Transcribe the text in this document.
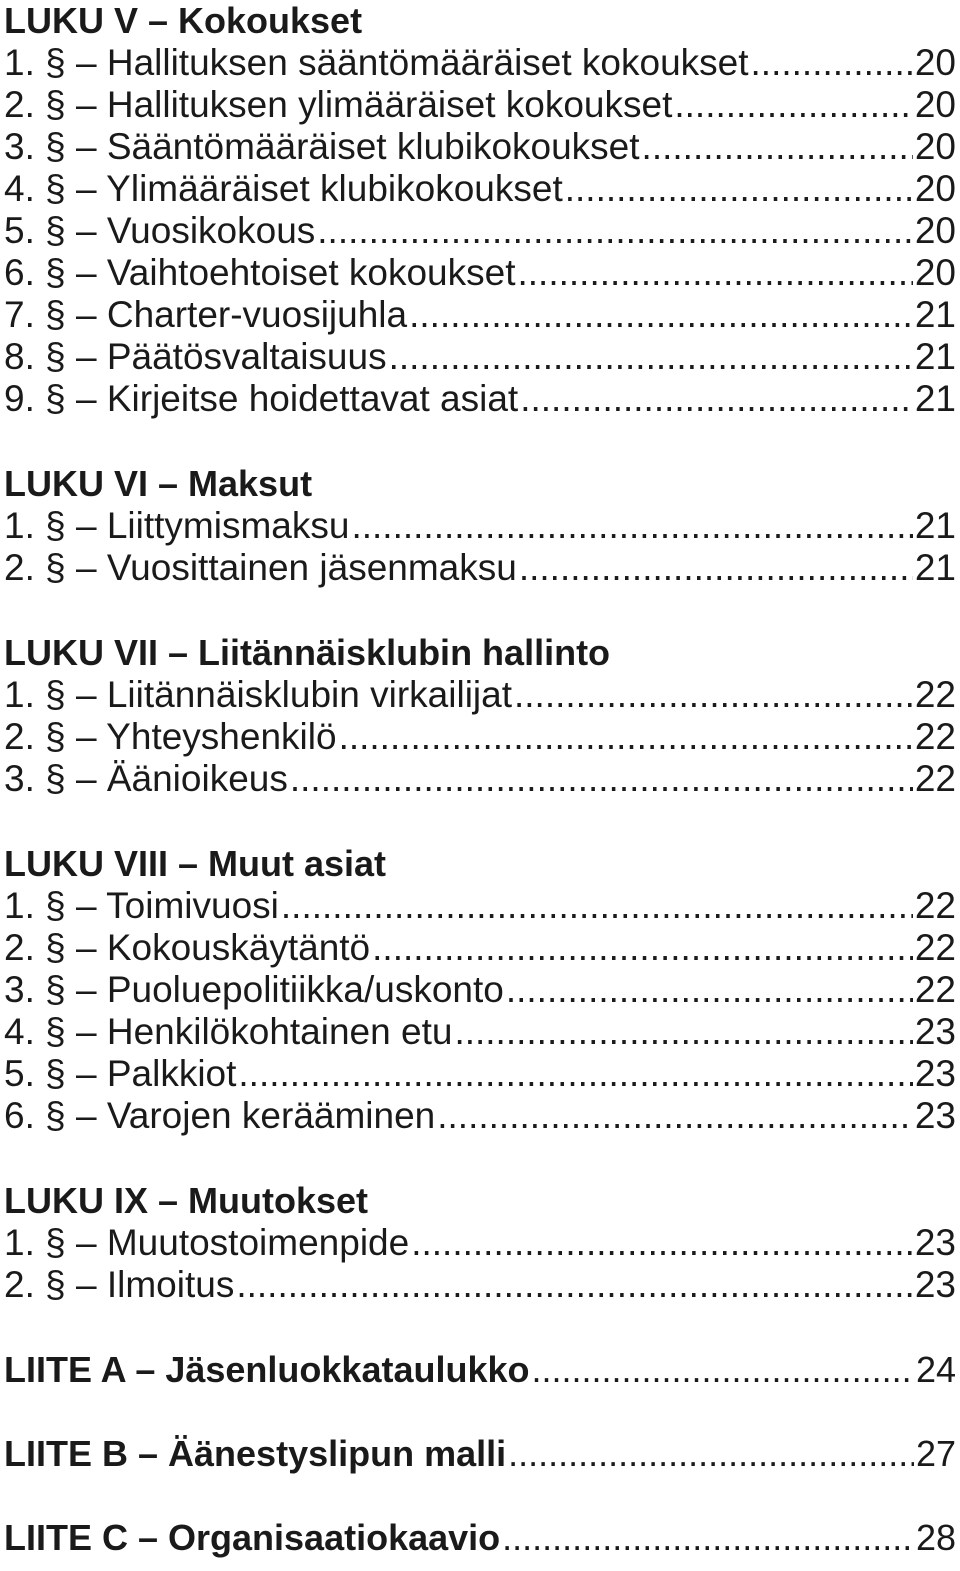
LUKU V – Kokoukset
1. § – Hallituksen sääntömääräiset kokoukset .....	20
2. § – Hallituksen ylimääräiset kokoukset .....	20
3. § – Sääntömääräiset klubikokoukset .....	20
4. § – Ylimääräiset klubikokoukset .....	20
5. § – Vuosikokous .....	20
6. § – Vaihtoehtoiset kokoukset .....	20
7. § – Charter-vuosijuhla .....	21
8. § – Päätösvaltaisuus .....	21
9. § – Kirjeitse hoidettavat asiat .....	21
LUKU VI – Maksut
1. § – Liittymismaksu .....	21
2. § – Vuosittainen jäsenmaksu .....	21
LUKU VII – Liitännäisklubin hallinto
1. § – Liitännäisklubin virkailijat .....	22
2. § – Yhteyshenkilö .....	22
3. § – Äänioikeus .....	22
LUKU VIII – Muut asiat
1. § – Toimivuosi .....	22
2. § – Kokouskäytäntö .....	22
3. § – Puoluepolitiikka/uskonto .....	22
4. § – Henkilökohtainen etu .....	23
5. § – Palkkiot .....	23
6. § – Varojen kerääminen .....	23
LUKU IX – Muutokset
1. § – Muutostoimenpide .....	23
2. § – Ilmoitus .....	23
LIITE A – Jäsenluokkataulukko .....	24
LIITE B – Äänestyslipun malli .....	27
LIITE C – Organisaatiokaavio .....	28
